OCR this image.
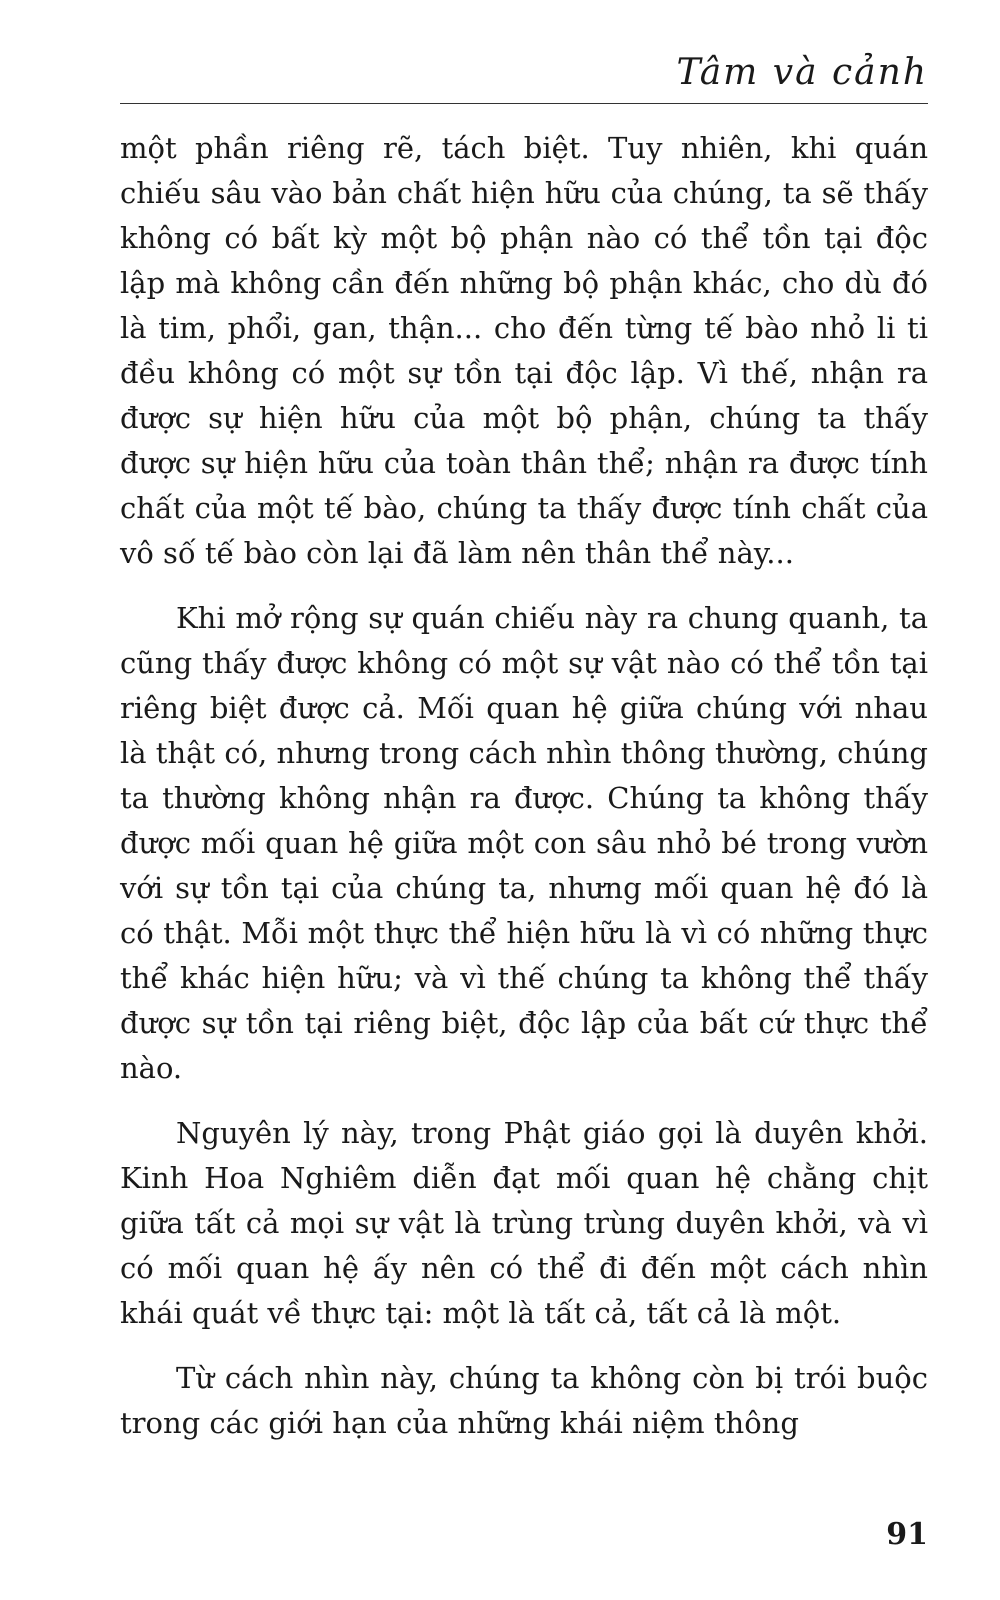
Tâm và cảnh

một phần riêng rẽ, tách biệt. Tuy nhiên, khi quán chiếu sâu vào bản chất hiện hữu của chúng, ta sẽ thấy không có bất kỳ một bộ phận nào có thể tồn tại độc lập mà không cần đến những bộ phận khác, cho dù đó là tim, phổi, gan, thận... cho đến từng tế bào nhỏ li ti đều không có một sự tồn tại độc lập. Vì thế, nhận ra được sự hiện hữu của một bộ phận, chúng ta thấy được sự hiện hữu của toàn thân thể; nhận ra được tính chất của một tế bào, chúng ta thấy được tính chất của vô số tế bào còn lại đã làm nên thân thể này...

Khi mở rộng sự quán chiếu này ra chung quanh, ta cũng thấy được không có một sự vật nào có thể tồn tại riêng biệt được cả. Mối quan hệ giữa chúng với nhau là thật có, nhưng trong cách nhìn thông thường, chúng ta thường không nhận ra được. Chúng ta không thấy được mối quan hệ giữa một con sâu nhỏ bé trong vườn với sự tồn tại của chúng ta, nhưng mối quan hệ đó là có thật. Mỗi một thực thể hiện hữu là vì có những thực thể khác hiện hữu; và vì thế chúng ta không thể thấy được sự tồn tại riêng biệt, độc lập của bất cứ thực thể nào.

Nguyên lý này, trong Phật giáo gọi là duyên khởi. Kinh Hoa Nghiêm diễn đạt mối quan hệ chằng chịt giữa tất cả mọi sự vật là trùng trùng duyên khởi, và vì có mối quan hệ ấy nên có thể đi đến một cách nhìn khái quát về thực tại: một là tất cả, tất cả là một.

Từ cách nhìn này, chúng ta không còn bị trói buộc trong các giới hạn của những khái niệm thông

91
